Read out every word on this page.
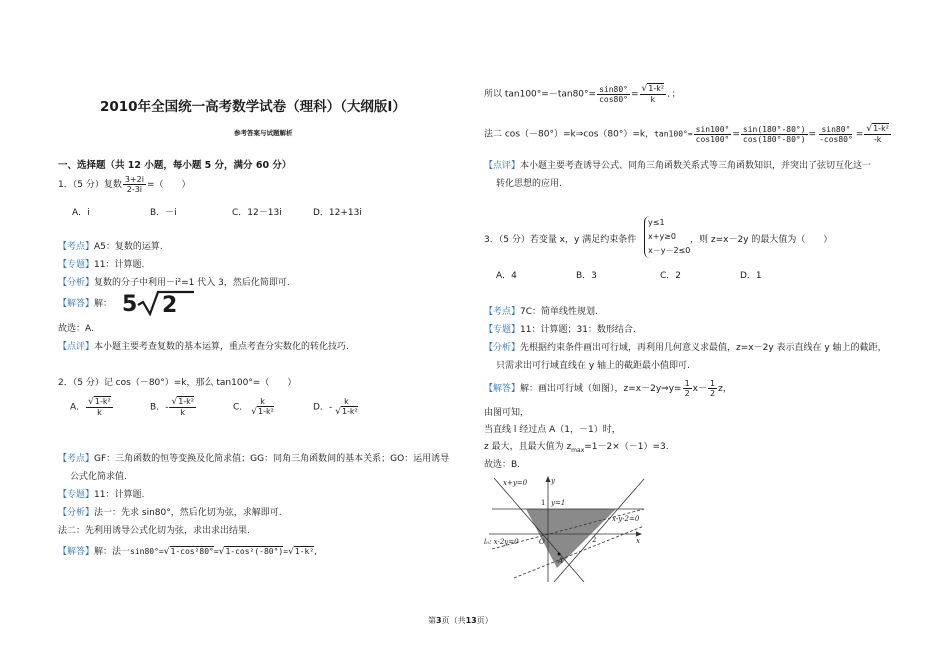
2010年全国统一高考数学试卷（理科）（大纲版Ⅰ）
参考答案与试题解析
一、选择题（共 12 小题，每小题 5 分，满分 60 分）
1．（5 分）复数 $\frac{3+2i}{2-3i}$ =（　　）
A．i	B．－i	C．12－13i	D．12+13i
【考点】A5：复数的运算.
【专题】11：计算题.
【分析】复数的分子中利用－i²=1 代入 3，然后化简即可.
【解答】解： 5 2
故选：A.
【点评】本小题主要考查复数的基本运算，重点考查分实数化的转化技巧.
2．（5 分）记 cos（－80°）=k，那么 tan100°=（　　）
A． $\frac{\text{√1-k²}}{k}$	B．- $\frac{\text{√1-k²}}{k}$	C． $\frac{k}{\text{√1-k²}}$	D．- $\frac{k}{\text{√1-k²}}$
【考点】GF：三角函数的恒等变换及化简求值；GG：同角三角函数间的基本关系；GO：运用诱导
公式化简求值.
【专题】11：计算题.
【分析】法一：先求 sin80°，然后化切为弦，求解即可.
法二：先利用诱导公式化切为弦，求出求出结果.
【解答】解：法一sin80°=√1-cos²80°=√1-cos²(-80°)=√1-k²,
所以 $\tan 100^\circ=-\tan 80^\circ= \frac{\sin 80^\circ}{\cos 80^\circ} = \frac{\text{√1-k²}}{k}$ ．；
法二 cos（－80°）=k⇒cos（80°）=k，$\tan 100^\circ= \frac{\sin 100^\circ}{\cos 100^\circ} = \frac{\sin(180^\circ-80^\circ)}{\cos(180^\circ-80^\circ)} = \frac{\sin 80^\circ}{-\cos 80^\circ} = \frac{\text{√1-k²}}{-k}$
【点评】本小题主要考查诱导公式、同角三角函数关系式等三角函数知识，并突出了弦切互化这一
转化思想的应用.
3．（5 分）若变量 x，y 满足约束条件
y≤1
x+y≥0
x－y－2≤0
，则 z=x－2y 的最大值为（　　）
A．4	B．3	C．2	D．1
【考点】7C：简单线性规划.
【专题】11：计算题；31：数形结合.
【分析】先根据约束条件画出可行域，再利用几何意义求最值，z=x－2y 表示直线在 y 轴上的截距，
只需求出可行域直线在 y 轴上的截距最小值即可.
【解答】解：画出可行域（如图），z=x－2y⇒y= $\frac{1}{2} x- \frac{1}{2}$ z，
由图可知，
当直线 l 经过点 A（1，－1）时，
z 最大，且最大值为 $z_{max}=1-2\times(-1)=3$.
故选：B.
x+y=0	y
1 y=1
x-y-2=0
x
O	2
l₀: x-2y=0
A
第3页（共13页）
